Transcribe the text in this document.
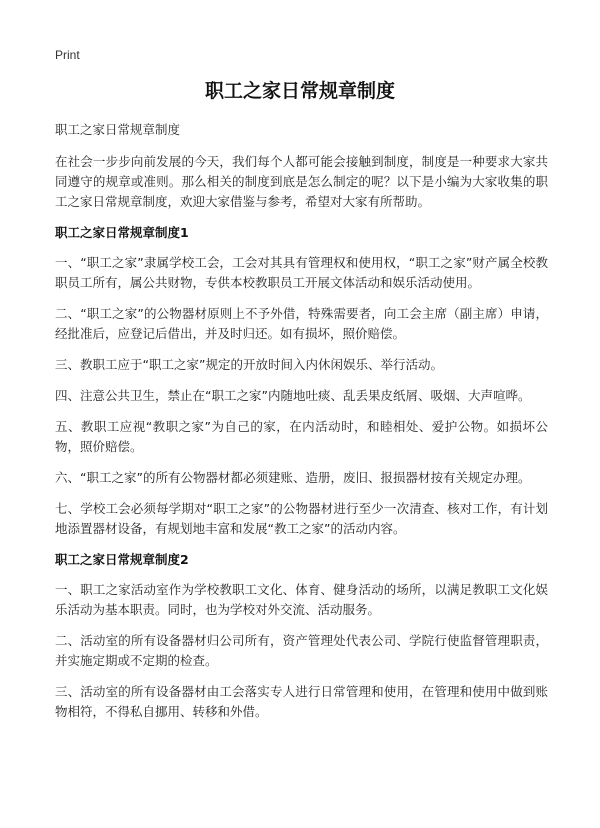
Print
职工之家日常规章制度

职工之家日常规章制度

在社会一步步向前发展的今天，我们每个人都可能会接触到制度，制度是一种要求大家共同遵守的规章或准则。那么相关的制度到底是怎么制定的呢？以下是小编为大家收集的职工之家日常规章制度，欢迎大家借鉴与参考，希望对大家有所帮助。

职工之家日常规章制度1

一、“职工之家”隶属学校工会，工会对其具有管理权和使用权，“职工之家”财产属全校教职员工所有，属公共财物，专供本校教职员工开展文体活动和娱乐活动使用。

二、“职工之家”的公物器材原则上不予外借，特殊需要者，向工会主席（副主席）申请，经批准后，应登记后借出，并及时归还。如有损坏，照价赔偿。

三、教职工应于“职工之家”规定的开放时间入内休闲娱乐、举行活动。

四、注意公共卫生，禁止在“职工之家”内随地吐痰、乱丢果皮纸屑、吸烟、大声喧哗。

五、教职工应视“教职之家”为自己的家，在内活动时，和睦相处、爱护公物。如损坏公物，照价赔偿。

六、“职工之家”的所有公物器材都必须建账、造册，废旧、报损器材按有关规定办理。

七、学校工会必须每学期对“职工之家”的公物器材进行至少一次清查、核对工作，有计划地添置器材设备，有规划地丰富和发展“教工之家”的活动内容。

职工之家日常规章制度2

一、职工之家活动室作为学校教职工文化、体育、健身活动的场所，以满足教职工文化娱乐活动为基本职责。同时，也为学校对外交流、活动服务。

二、活动室的所有设备器材归公司所有，资产管理处代表公司、学院行使监督管理职责，并实施定期或不定期的检查。

三、活动室的所有设备器材由工会落实专人进行日常管理和使用，在管理和使用中做到账物相符，不得私自挪用、转移和外借。
